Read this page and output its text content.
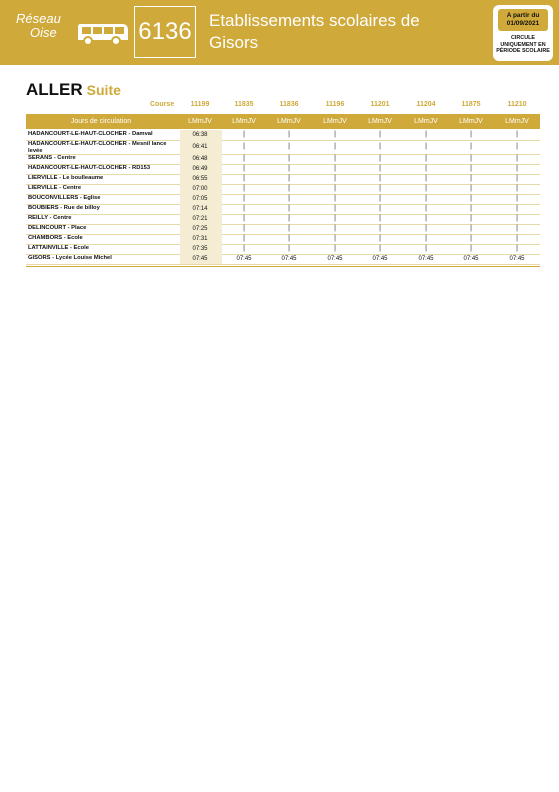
Réseau
Oise	6136 Etablissements scolaires de
Gisors
A partir du
01/09/2021
CIRCULE
UNIQUEMENT EN
PÉRIODE SCOLAIRE
ALLER Suite
Course	11199	11835	11836	11196	11201	11204	11875	11210
Jours de circulation	LMmJV	LMmJV	LMmJV	LMmJV	LMmJV	LMmJV	LMmJV	LMmJV
HADANCOURT-LE-HAUT-CLOCHER - Damval	06:38	|	|	|	|	|	|	|
HADANCOURT-LE-HAUT-CLOCHER - Mesnil lance levée
06:41	|	|	|	|	|	|	|
SERANS - Centre	06:48	|	|	|	|	|	|	|
HADANCOURT-LE-HAUT-CLOCHER - RD153	06:49	|	|	|	|	|	|	|
LIERVILLE - Le boulleaume	06:55	|	|	|	|	|	|	|
LIERVILLE - Centre	07:00	|	|	|	|	|	|	|
BOUCONVILLERS - Eglise	07:05	|	|	|	|	|	|	|
BOUBIERS - Rue de billoy	07:14	|	|	|	|	|	|	|
REILLY - Centre	07:21	|	|	|	|	|	|	|
DELINCOURT - Place	07:25	|	|	|	|	|	|	|
CHAMBORS - Ecole	07:31	|	|	|	|	|	|	|
LATTAINVILLE - Ecole	07:35	|	|	|	|	|	|	|
GISORS - Lycée Louise Michel	07:45	07:45	07:45	07:45	07:45	07:45	07:45	07:45
